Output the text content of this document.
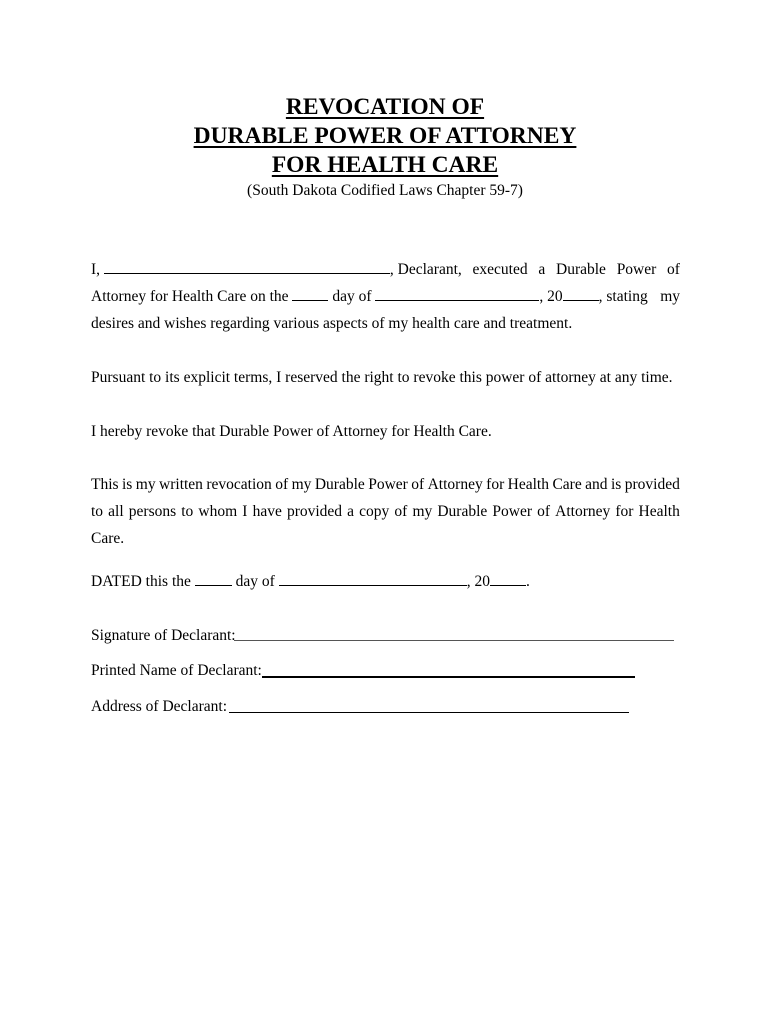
REVOCATION OF
DURABLE POWER OF ATTORNEY
FOR HEALTH CARE
(South Dakota Codified Laws Chapter 59-7)
I,	, Declarant, executed a Durable Power of
Attorney for Health Care on the	day of	, 20 , stating my
desires and wishes regarding various aspects of my health care and treatment.
Pursuant to its explicit terms, I reserved the right to revoke this power of attorney at any time.
I hereby revoke that Durable Power of Attorney for Health Care.
This is my written revocation of my Durable Power of Attorney for Health Care and is provided
to all persons to whom I have provided a copy of my Durable Power of Attorney for Health
Care.
DATED this the	day of	, 20 .
Signature of Declarant:
Printed Name of Declarant:
Address of Declarant:
